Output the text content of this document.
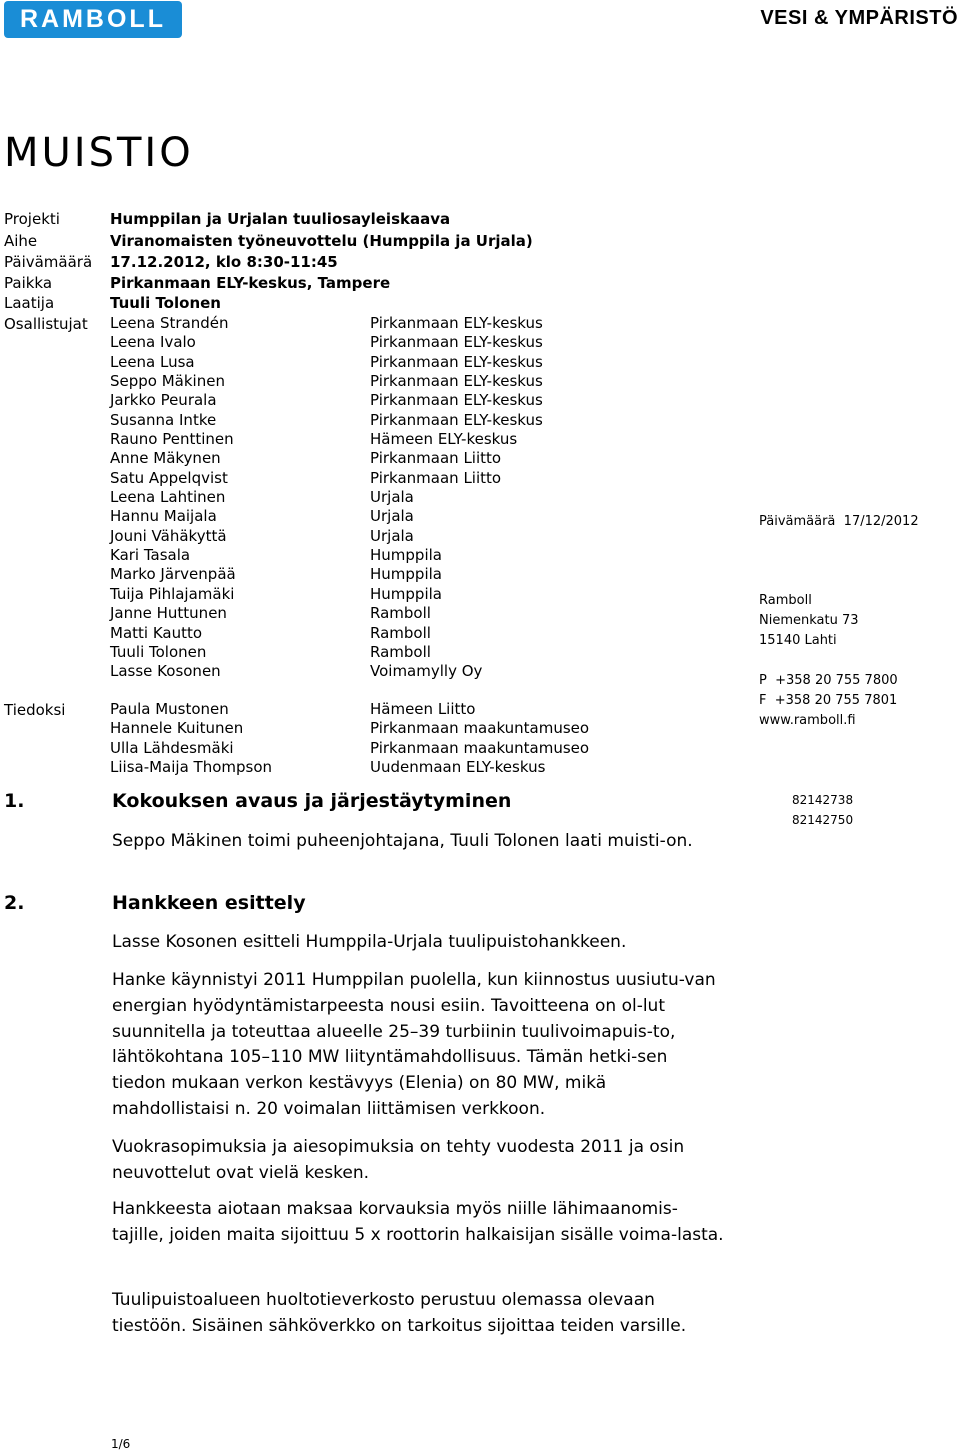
RAMBOLL	VESI & YMPÄRISTÖ
MUISTIO
Projekti	Humppilan ja Urjalan tuuliosayleiskaava
Aihe	Viranomaisten työneuvottelu (Humppila ja Urjala)
Päivämäärä	17.12.2012, klo 8:30-11:45
Paikka	Pirkanmaan ELY-keskus, Tampere
Laatija	Tuuli Tolonen
Osallistujat	Leena Strandén	Pirkanmaan ELY-keskus
Leena Ivalo	Pirkanmaan ELY-keskus
Leena Lusa	Pirkanmaan ELY-keskus
Seppo Mäkinen	Pirkanmaan ELY-keskus
Jarkko Peurala	Pirkanmaan ELY-keskus
Susanna Intke	Pirkanmaan ELY-keskus
Rauno Penttinen	Hämeen ELY-keskus
Anne Mäkynen	Pirkanmaan Liitto
Satu Appelqvist	Pirkanmaan Liitto
Leena Lahtinen	Urjala
Hannu Maijala	Urjala
Jouni Vähäkyttä	Urjala
Kari Tasala	Humppila
Marko Järvenpää	Humppila
Tuija Pihlajamäki	Humppila
Janne Huttunen	Ramboll
Matti Kautto	Ramboll
Tuuli Tolonen	Ramboll
Lasse Kosonen	Voimamylly Oy
Tiedoksi	Paula Mustonen	Hämeen Liitto
Hannele Kuitunen	Pirkanmaan maakuntamuseo
Ulla Lähdesmäki	Pirkanmaan maakuntamuseo
Liisa-Maija Thompson	Uudenmaan ELY-keskus
1.	Kokouksen avaus ja järjestäytyminen
Seppo Mäkinen toimi puheenjohtajana, Tuuli Tolonen laati muisti-on.
2.	Hankkeen esittely
Lasse Kosonen esitteli Humppila-Urjala tuulipuistohankkeen.
Hanke käynnistyi 2011 Humppilan puolella, kun kiinnostus uusiutu-van energian hyödyntämistarpeesta nousi esiin. Tavoitteena on ol-lut suunnitella ja toteuttaa alueelle 25–39 turbiinin tuulivoimapuis-to, lähtökohtana 105–110 MW liityntämahdollisuus. Tämän hetki-sen tiedon mukaan verkon kestävyys (Elenia) on 80 MW, mikä mahdollistaisi n. 20 voimalan liittämisen verkkoon.
Vuokrasopimuksia ja aiesopimuksia on tehty vuodesta 2011 ja osin neuvottelut ovat vielä kesken.
Hankkeesta aiotaan maksaa korvauksia myös niille lähimaanomis-tajille, joiden maita sijoittuu 5 x roottorin halkaisijan sisälle voima-lasta.
Tuulipuistoalueen huoltotieverkosto perustuu olemassa olevaan tiestöön. Sisäinen sähköverkko on tarkoitus sijoittaa teiden varsille.
Päivämäärä 17/12/2012
Ramboll
Niemenkatu 73
15140 Lahti
P  +358 20 755 7800
F  +358 20 755 7801
www.ramboll.fi
82142738
82142750
1/6
